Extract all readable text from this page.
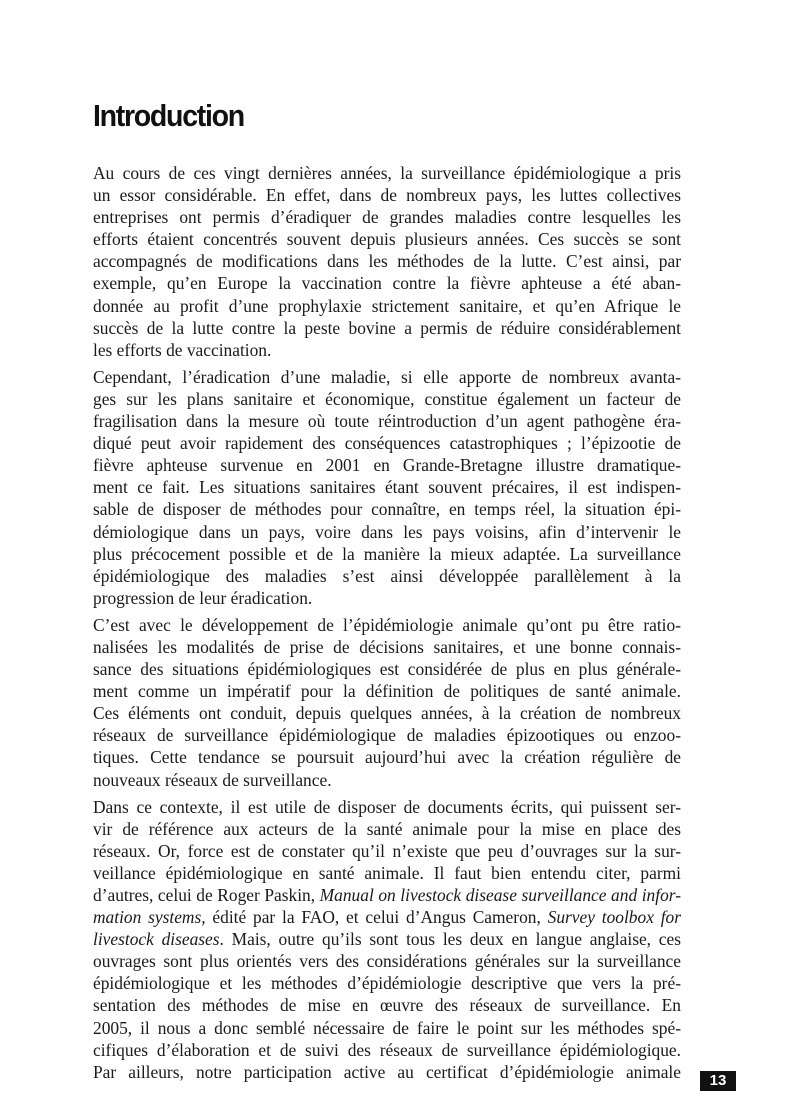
Introduction

Au cours de ces vingt dernières années, la surveillance épidémiologique a pris
un essor considérable. En effet, dans de nombreux pays, les luttes collectives
entreprises ont permis d’éradiquer de grandes maladies contre lesquelles les
efforts étaient concentrés souvent depuis plusieurs années. Ces succès se sont
accompagnés de modifications dans les méthodes de la lutte. C’est ainsi, par
exemple, qu’en Europe la vaccination contre la fièvre aphteuse a été aban-
donnée au profit d’une prophylaxie strictement sanitaire, et qu’en Afrique le
succès de la lutte contre la peste bovine a permis de réduire considérablement
les efforts de vaccination.

Cependant, l’éradication d’une maladie, si elle apporte de nombreux avanta-
ges sur les plans sanitaire et économique, constitue également un facteur de
fragilisation dans la mesure où toute réintroduction d’un agent pathogène éra-
diqué peut avoir rapidement des conséquences catastrophiques ; l’épizootie de
fièvre aphteuse survenue en 2001 en Grande-Bretagne illustre dramatique-
ment ce fait. Les situations sanitaires étant souvent précaires, il est indispen-
sable de disposer de méthodes pour connaître, en temps réel, la situation épi-
démiologique dans un pays, voire dans les pays voisins, afin d’intervenir le
plus précocement possible et de la manière la mieux adaptée. La surveillance
épidémiologique des maladies s’est ainsi développée parallèlement à la
progression de leur éradication.

C’est avec le développement de l’épidémiologie animale qu’ont pu être ratio-
nalisées les modalités de prise de décisions sanitaires, et une bonne connais-
sance des situations épidémiologiques est considérée de plus en plus générale-
ment comme un impératif pour la définition de politiques de santé animale.
Ces éléments ont conduit, depuis quelques années, à la création de nombreux
réseaux de surveillance épidémiologique de maladies épizootiques ou enzoo-
tiques. Cette tendance se poursuit aujourd’hui avec la création régulière de
nouveaux réseaux de surveillance.

Dans ce contexte, il est utile de disposer de documents écrits, qui puissent ser-
vir de référence aux acteurs de la santé animale pour la mise en place des
réseaux. Or, force est de constater qu’il n’existe que peu d’ouvrages sur la sur-
veillance épidémiologique en santé animale. Il faut bien entendu citer, parmi
d’autres, celui de Roger Paskin, Manual on livestock disease surveillance and infor-
mation systems, édité par la FAO, et celui d’Angus Cameron, Survey toolbox for
livestock diseases. Mais, outre qu’ils sont tous les deux en langue anglaise, ces
ouvrages sont plus orientés vers des considérations générales sur la surveillance
épidémiologique et les méthodes d’épidémiologie descriptive que vers la pré-
sentation des méthodes de mise en œuvre des réseaux de surveillance. En
2005, il nous a donc semblé nécessaire de faire le point sur les méthodes spé-
cifiques d’élaboration et de suivi des réseaux de surveillance épidémiologique.
Par ailleurs, notre participation active au certificat d’épidémiologie animale	13
